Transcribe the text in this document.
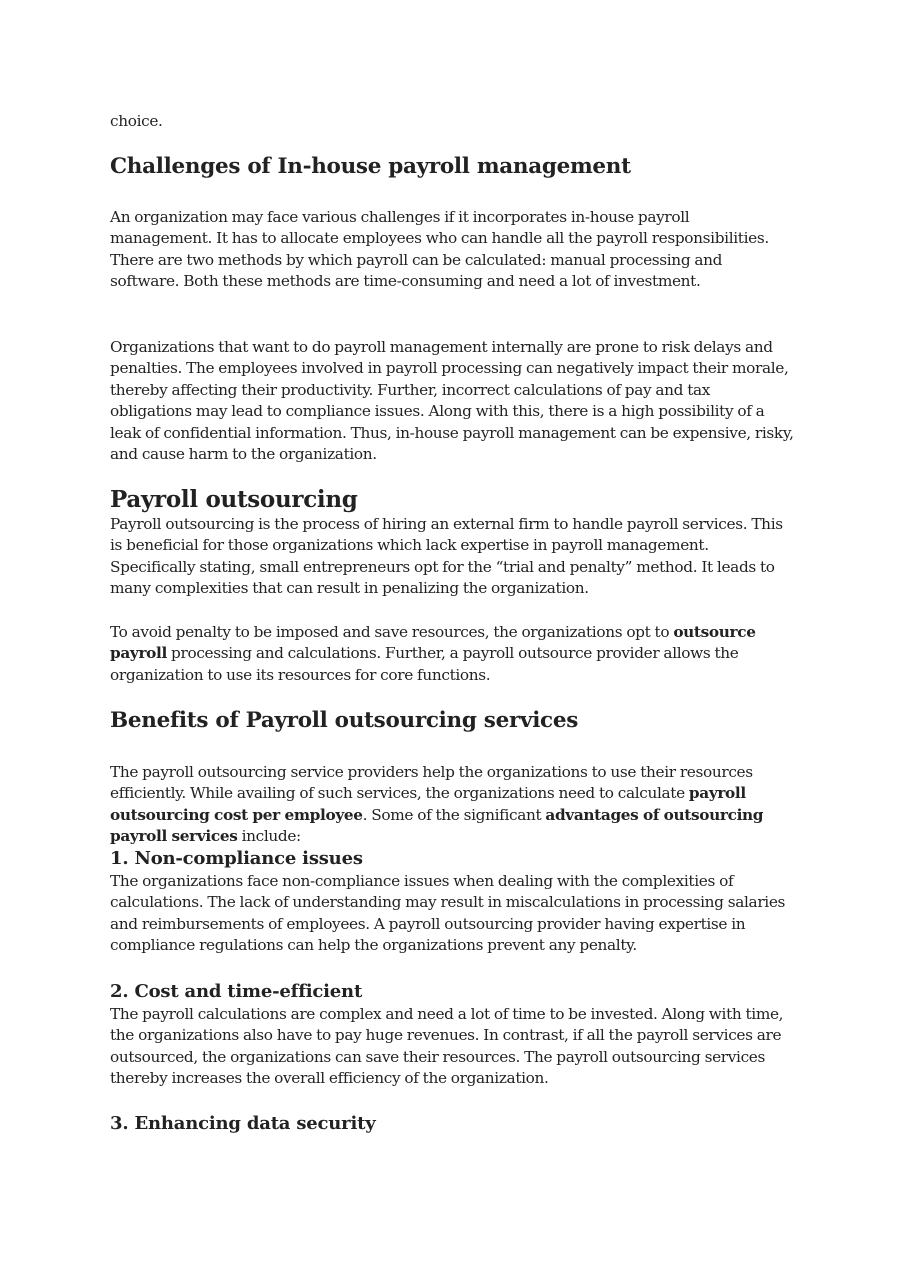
choice.

Challenges of In-house payroll management

An organization may face various challenges if it incorporates in-house payroll management. It has to allocate employees who can handle all the payroll responsibilities. There are two methods by which payroll can be calculated: manual processing and software. Both these methods are time-consuming and need a lot of investment.

Organizations that want to do payroll management internally are prone to risk delays and penalties. The employees involved in payroll processing can negatively impact their morale, thereby affecting their productivity. Further, incorrect calculations of pay and tax obligations may lead to compliance issues. Along with this, there is a high possibility of a leak of confidential information. Thus, in-house payroll management can be expensive, risky, and cause harm to the organization.

Payroll outsourcing

Payroll outsourcing is the process of hiring an external firm to handle payroll services. This is beneficial for those organizations which lack expertise in payroll management. Specifically stating, small entrepreneurs opt for the “trial and penalty” method. It leads to many complexities that can result in penalizing the organization.

To avoid penalty to be imposed and save resources, the organizations opt to outsource payroll processing and calculations. Further, a payroll outsource provider allows the organization to use its resources for core functions.

Benefits of Payroll outsourcing services

The payroll outsourcing service providers help the organizations to use their resources efficiently. While availing of such services, the organizations need to calculate payroll outsourcing cost per employee. Some of the significant advantages of outsourcing payroll services include:

1. Non-compliance issues

The organizations face non-compliance issues when dealing with the complexities of calculations. The lack of understanding may result in miscalculations in processing salaries and reimbursements of employees. A payroll outsourcing provider having expertise in compliance regulations can help the organizations prevent any penalty.

2. Cost and time-efficient

The payroll calculations are complex and need a lot of time to be invested. Along with time, the organizations also have to pay huge revenues. In contrast, if all the payroll services are outsourced, the organizations can save their resources. The payroll outsourcing services thereby increases the overall efficiency of the organization.

3. Enhancing data security
